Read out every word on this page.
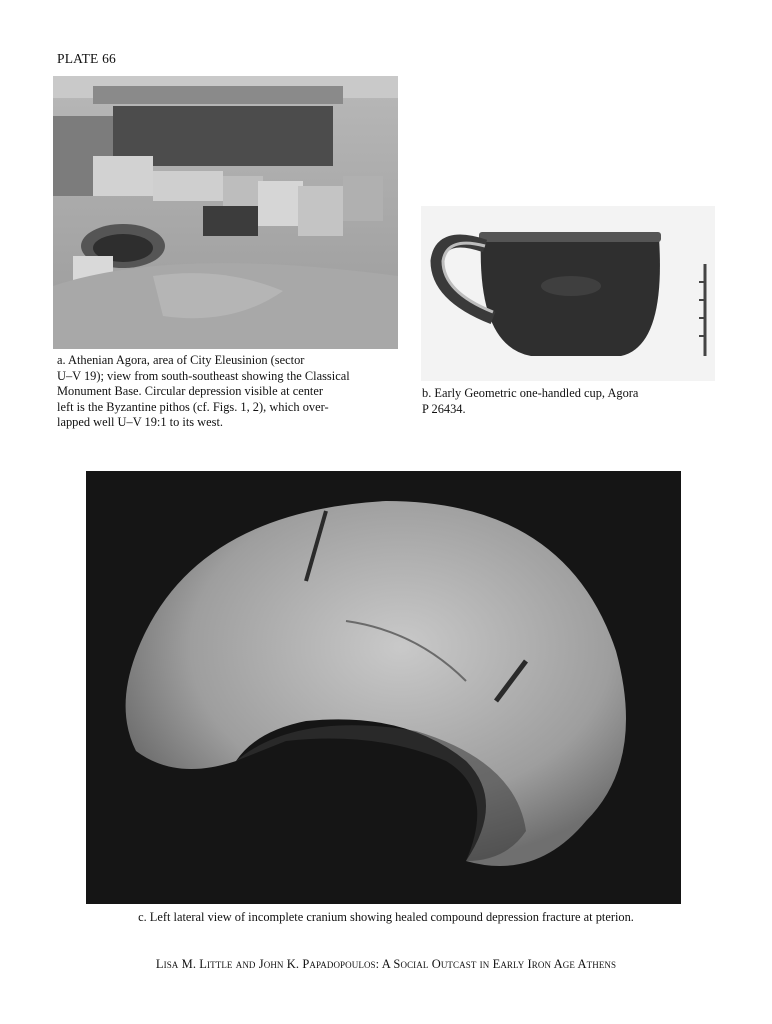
PLATE 66
a. Athenian Agora, area of City Eleusinion (sector
U–V 19); view from south-southeast showing the Classical
Monument Base. Circular depression visible at center
left is the Byzantine pithos (cf. Figs. 1, 2), which over-
lapped well U–V 19:1 to its west.
b. Early Geometric one-handled cup, Agora
P 26434.
c. Left lateral view of incomplete cranium showing healed compound depression fracture at pterion.
Lisa M. Little and John K. Papadopoulos: A Social Outcast in Early Iron Age Athens
